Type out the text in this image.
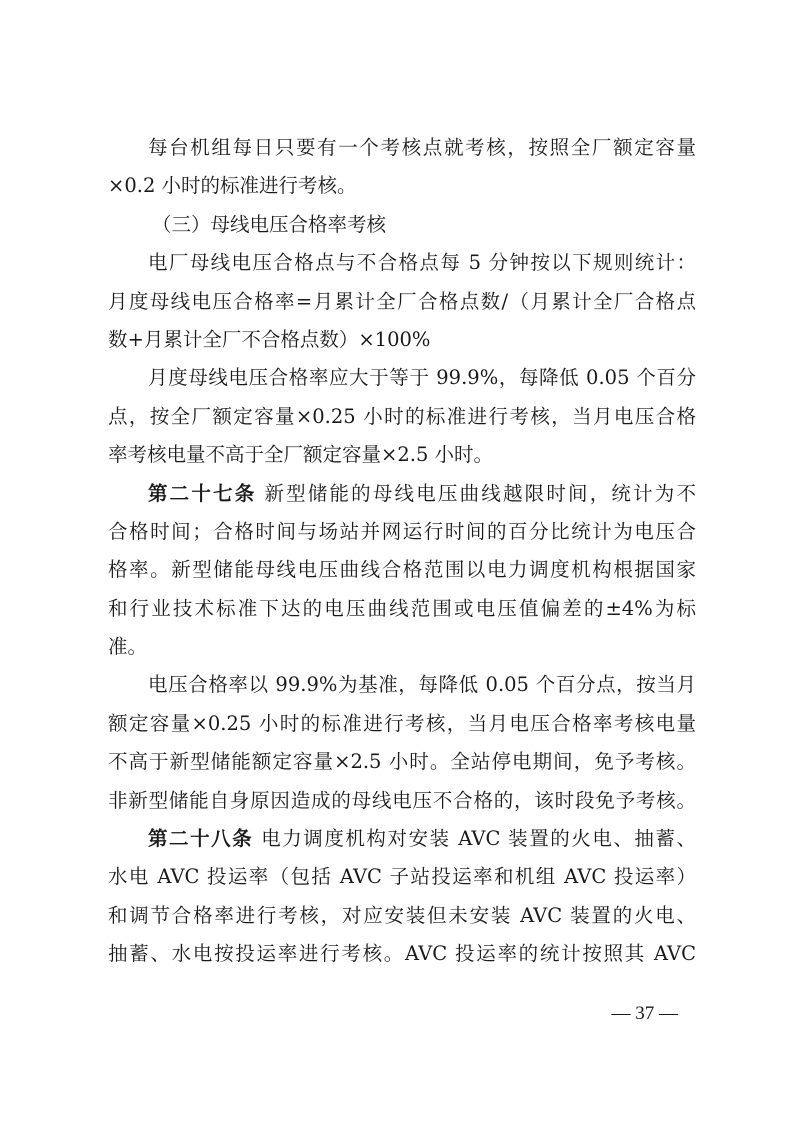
每台机组每日只要有一个考核点就考核，按照全厂额定容量
×0.2 小时的标准进行考核。
（三）母线电压合格率考核
电厂母线电压合格点与不合格点每 5 分钟按以下规则统计：
月度母线电压合格率=月累计全厂合格点数/（月累计全厂合格点
数+月累计全厂不合格点数）×100%
月度母线电压合格率应大于等于 99.9%，每降低 0.05 个百分
点，按全厂额定容量×0.25 小时的标准进行考核，当月电压合格
率考核电量不高于全厂额定容量×2.5 小时。
第二十七条 新型储能的母线电压曲线越限时间，统计为不
合格时间；合格时间与场站并网运行时间的百分比统计为电压合
格率。新型储能母线电压曲线合格范围以电力调度机构根据国家
和行业技术标准下达的电压曲线范围或电压值偏差的±4%为标
准。
电压合格率以 99.9%为基准，每降低 0.05 个百分点，按当月
额定容量×0.25 小时的标准进行考核，当月电压合格率考核电量
不高于新型储能额定容量×2.5 小时。全站停电期间，免予考核。
非新型储能自身原因造成的母线电压不合格的，该时段免予考核。
第二十八条 电力调度机构对安装 AVC 装置的火电、抽蓄、
水电 AVC 投运率（包括 AVC 子站投运率和机组 AVC 投运率）
和调节合格率进行考核，对应安装但未安装 AVC 装置的火电、
抽蓄、水电按投运率进行考核。AVC 投运率的统计按照其 AVC
— 37 —
